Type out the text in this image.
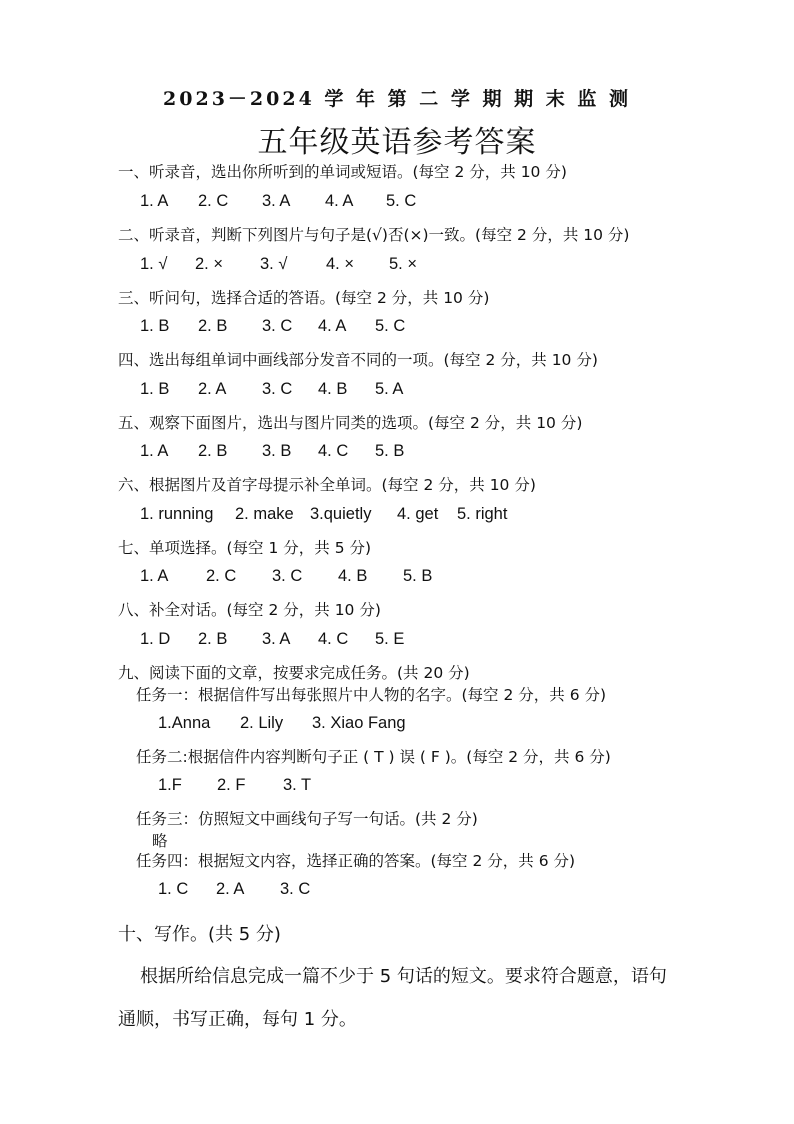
2023－2024 学 年 第 二 学 期 期 末 监 测
五年级英语参考答案
一、听录音，选出你所听到的单词或短语。(每空 2 分，共 10 分)
1. A 2. C 3. A 4. A 5. C
二、听录音，判断下列图片与句子是(√)否(×)一致。(每空 2 分，共 10 分)
1. √ 2. × 3. √ 4. × 5. ×
三、听问句，选择合适的答语。(每空 2 分，共 10 分)
1. B 2. B 3. C 4. A 5. C
四、选出每组单词中画线部分发音不同的一项。(每空 2 分，共 10 分)
1. B 2. A 3. C 4. B 5. A
五、观察下面图片，选出与图片同类的选项。(每空 2 分，共 10 分)
1. A 2. B 3. B 4. C 5. B
六、根据图片及首字母提示补全单词。(每空 2 分，共 10 分)
1. running 2. make 3.quietly 4. get 5. right
七、单项选择。(每空 1 分，共 5 分)
1. A 2. C 3. C 4. B 5. B
八、补全对话。(每空 2 分，共 10 分)
1. D 2. B 3. A 4. C 5. E
九、阅读下面的文章，按要求完成任务。(共 20 分)
任务一：根据信件写出每张照片中人物的名字。(每空 2 分，共 6 分)
1.Anna 2. Lily 3. Xiao Fang
任务二:根据信件内容判断句子正 ( T ) 误 ( F )。(每空 2 分，共 6 分)
1.F 2. F 3. T
任务三：仿照短文中画线句子写一句话。(共 2 分)
略
任务四：根据短文内容，选择正确的答案。(每空 2 分，共 6 分)
1. C 2. A 3. C
十、写作。(共 5 分)
根据所给信息完成一篇不少于 5 句话的短文。要求符合题意，语句
通顺，书写正确，每句 1 分。
